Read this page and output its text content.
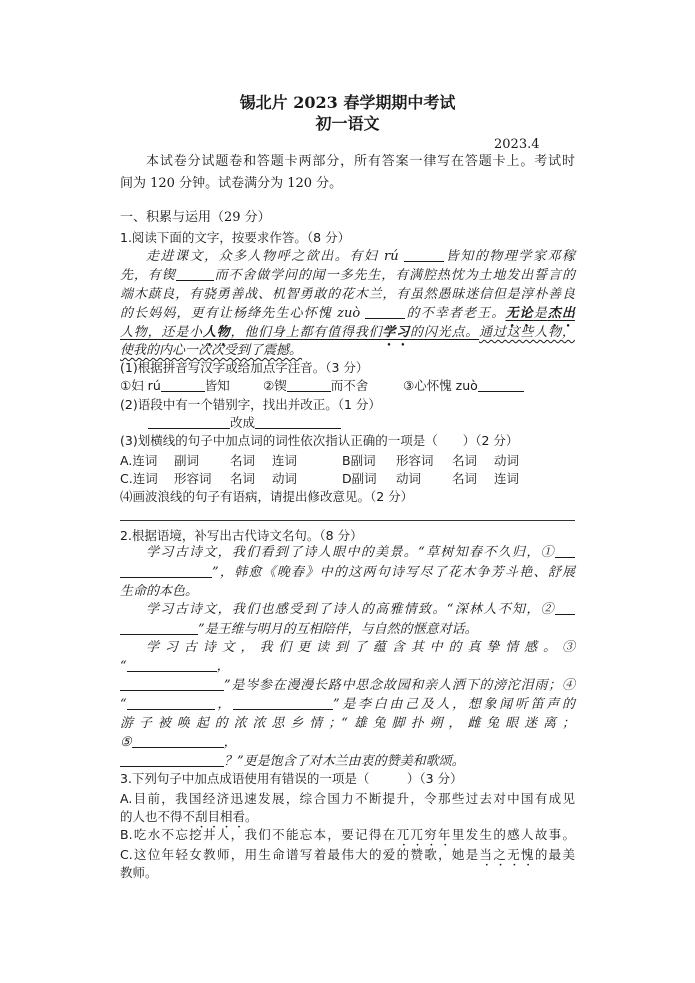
锡北片 2023 春学期期中考试
初一语文
2023.4
本试卷分试题卷和答题卡两部分，所有答案一律写在答题卡上。考试时
间为 120 分钟。试卷满分为 120 分。
一、积累与运用（29 分）
1.阅读下面的文字，按要求作答。（8 分）
走进课文，众多人物呼之欲出。有妇 rú	皆知的物理学家邓稼
先，有锲	而不舍做学问的闻一多先生，有满腔热忱为土地发出誓言的
端木蕻良，有骁勇善战、机智勇敢的花木兰，有虽然愚昧迷信但是淳朴善良
的长妈妈，更有让杨绛先生心怀愧 zuò	的不幸者老王。无论是杰出
人物，还是小人物，他们身上都有值得我们学习的闪光点。通过这些人物，
使我的内心一次次受到了震撼。
(1)根据拼音写汉字或给加点字注音。（3 分）
①妇 rú	皆知	②锲	而不舍	③心怀愧 zuò
(2)语段中有一个错别字，找出并改正。（1 分）
改成
(3)划横线的句子中加点词的词性依次指认正确的一项是（　　）（2 分）
A.连词 副词 名词 连词	B副词 形容词 名词 动词
C.连词 形容词 名词 动词	D副词 动词 名词 连词
⑷画波浪线的句子有语病，请提出修改意见。（2 分）
2.根据语境，补写出古代诗文名句。（8 分）
学习古诗文，我们看到了诗人眼中的美景。“草树知春不久归，①
”，韩愈《晚春》中的这两句诗写尽了花木争芳斗艳、舒展
生命的本色。
学习古诗文，我们也感受到了诗人的高雅情致。“深林人不知，②
”是王维与明月的互相陪伴，与自然的惬意对话。
学习古诗文，我们更读到了蕴含其中的真挚情感。③
“	，
”是岑参在漫漫长路中思念故园和亲人洒下的滂沱泪雨；④
“	，	”是李白由己及人，想象闻听笛声的
游子被唤起的浓浓思乡情；“雄兔脚扑朔，雌兔眼迷离；
⑤	，
？”更是饱含了对木兰由衷的赞美和歌颂。
3.下列句子中加点成语使用有错误的一项是（　　　）（3 分）
A.目前，我国经济迅速发展，综合国力不断提升，令那些过去对中国有成见
的人也不得不刮目相看。
B.吃水不忘挖井人，我们不能忘本，要记得在兀兀穷年里发生的感人故事。
C.这位年轻女教师，用生命谱写着最伟大的爱的赞歌，她是当之无愧的最美
教师。
